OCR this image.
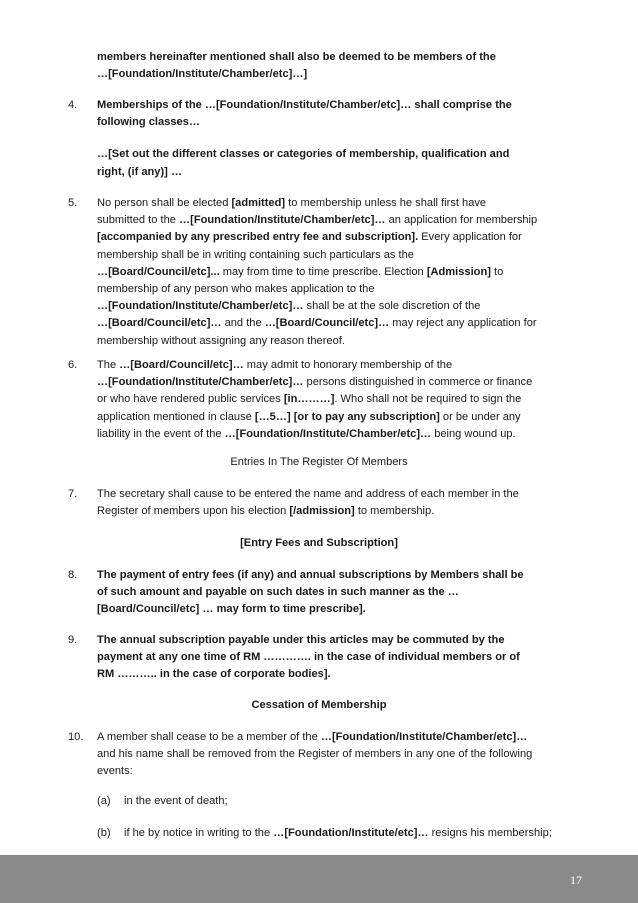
members hereinafter mentioned shall also be deemed to be members of the
…[Foundation/Institute/Chamber/etc]…]
4. Memberships of the …[Foundation/Institute/Chamber/etc]… shall comprise the
following classes…
…[Set out the different classes or categories of membership, qualification and
right, (if any)] …
5. No person shall be elected [admitted] to membership unless he shall first have
submitted to the …[Foundation/Institute/Chamber/etc]… an application for membership
[accompanied by any prescribed entry fee and subscription]. Every application for
membership shall be in writing containing such particulars as the
…[Board/Council/etc]... may from time to time prescribe. Election [Admission] to
membership of any person who makes application to the
…[Foundation/Institute/Chamber/etc]… shall be at the sole discretion of the
…[Board/Council/etc]… and the …[Board/Council/etc]… may reject any application for
membership without assigning any reason thereof.
6. The …[Board/Council/etc]… may admit to honorary membership of the
…[Foundation/Institute/Chamber/etc]… persons distinguished in commerce or finance
or who have rendered public services [in………]. Who shall not be required to sign the
application mentioned in clause […5…] [or to pay any subscription] or be under any
liability in the event of the …[Foundation/Institute/Chamber/etc]… being wound up.
Entries In The Register Of Members
7. The secretary shall cause to be entered the name and address of each member in the
Register of members upon his election [/admission] to membership.
[Entry Fees and Subscription]
8. The payment of entry fees (if any) and annual subscriptions by Members shall be
of such amount and payable on such dates in such manner as the …
[Board/Council/etc] … may form to time prescribe].
9. The annual subscription payable under this articles may be commuted by the
payment at any one time of RM …………. in the case of individual members or of
RM ……….. in the case of corporate bodies].
Cessation of Membership
10. A member shall cease to be a member of the …[Foundation/Institute/Chamber/etc]…
and his name shall be removed from the Register of members in any one of the following
events:
(a) in the event of death;
(b) if he by notice in writing to the …[Foundation/Institute/etc]… resigns his membership;
17
